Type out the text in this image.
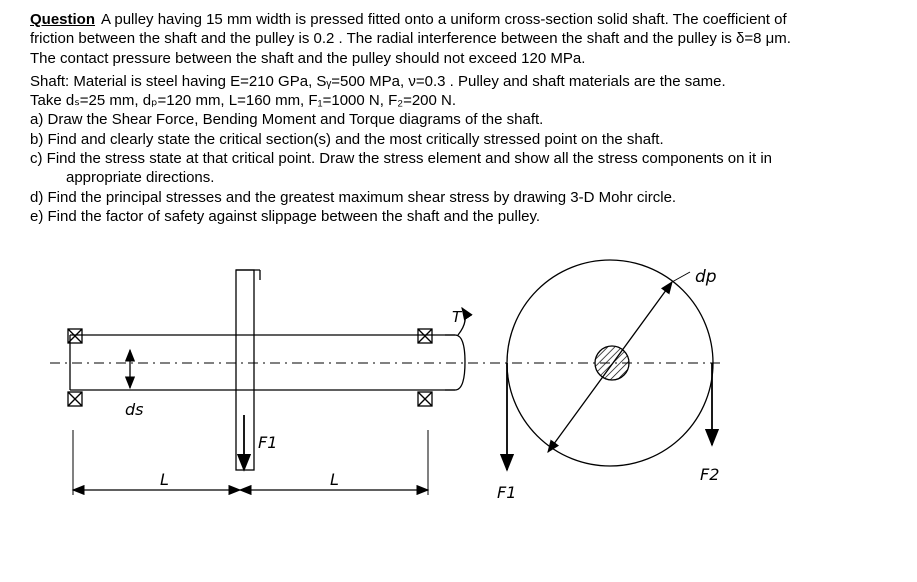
Question A pulley having 15 mm width is pressed fitted onto a uniform cross-section solid shaft. The coefficient of
friction between the shaft and the pulley is 0.2 . The radial interference between the shaft and the pulley is δ=8 μm.
The contact pressure between the shaft and the pulley should not exceed 120 MPa.
Shaft: Material is steel having E=210 GPa, Sᵧ=500 MPa, ν=0.3 . Pulley and shaft materials are the same.
Take dₛ=25 mm, dₚ=120 mm, L=160 mm, F₁=1000 N, F₂=200 N.
a) Draw the Shear Force, Bending Moment and Torque diagrams of the shaft.
b) Find and clearly state the critical section(s) and the most critically stressed point on the shaft.
c) Find the stress state at that critical point. Draw the stress element and show all the stress components on it in
appropriate directions.
d) Find the principal stresses and the greatest maximum shear stress by drawing 3-D Mohr circle.
e) Find the factor of safety against slippage between the shaft and the pulley.
ds
F1
L	L
T
dp
F1
F2
